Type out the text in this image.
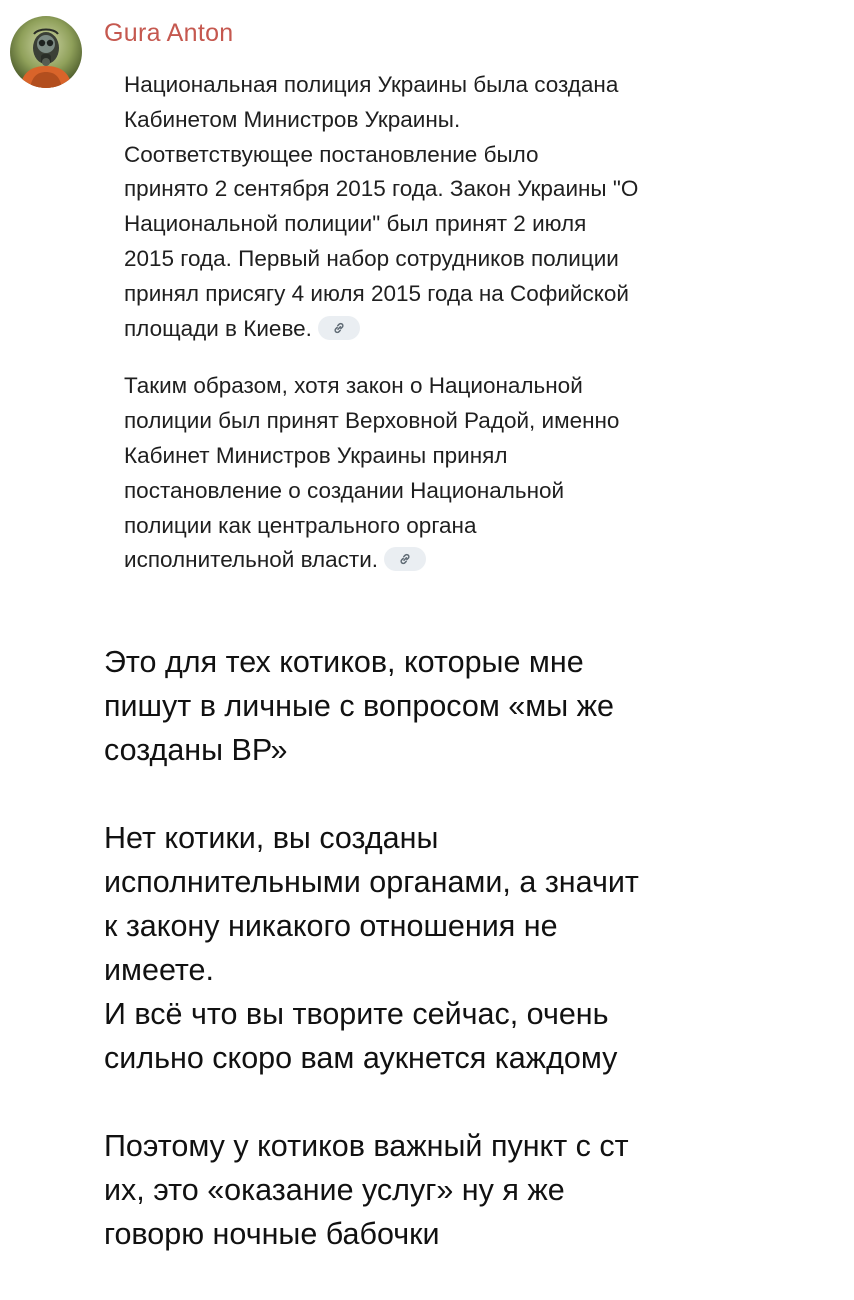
Gura Anton

Национальная полиция Украины была создана
Кабинетом Министров Украины.
Соответствующее постановление было
принято 2 сентября 2015 года. Закон Украины "О
Национальной полиции" был принят 2 июля
2015 года. Первый набор сотрудников полиции
принял присягу 4 июля 2015 года на Софийской
площади в Киеве.

Таким образом, хотя закон о Национальной
полиции был принят Верховной Радой, именно
Кабинет Министров Украины принял
постановление о создании Национальной
полиции как центрального органа
исполнительной власти.

Это для тех котиков, которые мне
пишут в личные с вопросом «мы же
созданы ВР»
Нет котики, вы созданы
исполнительными органами, а значит
к закону никакого отношения не
имеете.
И всё что вы творите сейчас, очень
сильно скоро вам аукнется каждому
Поэтому у котиков важный пункт с ст
их, это «оказание услуг» ну я же
говорю ночные бабочки
